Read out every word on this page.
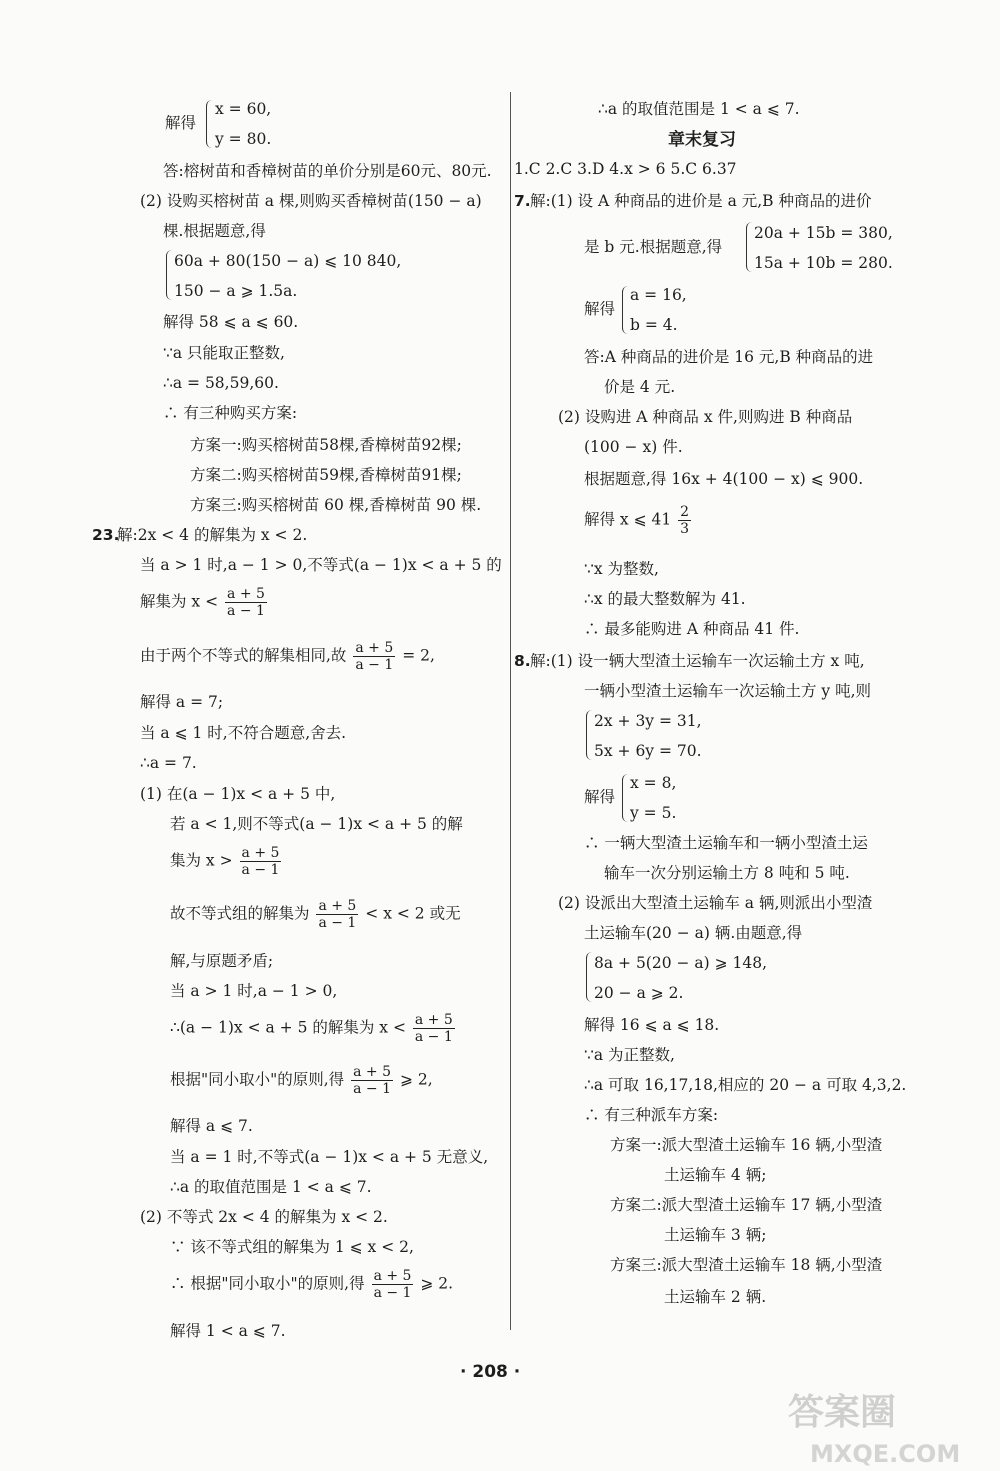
解得
x = 60,
y = 80.
答:榕树苗和香樟树苗的单价分别是60元、80元.
(2) 设购买榕树苗 a 棵,则购买香樟树苗(150 − a)
棵.根据题意,得
60a + 80(150 − a) ⩽ 10 840,
150 − a ⩾ 1.5a.
解得 58 ⩽ a ⩽ 60.
∵a 只能取正整数,
∴a = 58,59,60.
∴ 有三种购买方案:
方案一:购买榕树苗58棵,香樟树苗92棵;
方案二:购买榕树苗59棵,香樟树苗91棵;
方案三:购买榕树苗 60 棵,香樟树苗 90 棵.
23.
解:2x < 4 的解集为 x < 2.
当 a > 1 时,a − 1 > 0,不等式(a − 1)x < a + 5 的
解集为 $x < \frac{a + 5}{a - 1}$
由于两个不等式的解集相同,故 $\frac{a + 5}{a - 1} = 2$,
解得 a = 7;
当 a ⩽ 1 时,不符合题意,舍去.
∴a = 7.
(1) 在(a − 1)x < a + 5 中,
若 a < 1,则不等式(a − 1)x < a + 5 的解
集为 $x > \frac{a + 5}{a - 1}$
故不等式组的解集为 $\frac{a + 5}{a - 1} < x < 2$ 或无
解,与原题矛盾;
当 a > 1 时,a − 1 > 0,
∴(a − 1)x < a + 5 的解集为 $x < \frac{a + 5}{a - 1}$
根据"同小取小"的原则,得 $\frac{a + 5}{a - 1}$ ⩾ 2,
解得 a ⩽ 7.
当 a = 1 时,不等式(a − 1)x < a + 5 无意义,
∴a 的取值范围是 1 < a ⩽ 7.
(2) 不等式 2x < 4 的解集为 x < 2.
∵ 该不等式组的解集为 1 ⩽ x < 2,
∴ 根据"同小取小"的原则,得 $\frac{a + 5}{a - 1}$ ⩾ 2.
解得 1 < a ⩽ 7.
∴a 的取值范围是 1 < a ⩽ 7.
章末复习
1.C 2.C 3.D 4.x > 6 5.C 6.37
7. 解:(1) 设 A 种商品的进价是 a 元,B 种商品的进价
是 b 元.根据题意,得
20a + 15b = 380,
15a + 10b = 280.
解得
a = 16,
b = 4.
答:A 种商品的进价是 16 元,B 种商品的进
价是 4 元.
(2) 设购进 A 种商品 x 件,则购进 B 种商品
(100 − x) 件.
根据题意,得 16x + 4(100 − x) ⩽ 900.
解得 x ⩽ $41 \frac{2}{3}$
∵x 为整数,
∴x 的最大整数解为 41.
∴ 最多能购进 A 种商品 41 件.
8. 解:(1) 设一辆大型渣土运输车一次运输土方 x 吨,
一辆小型渣土运输车一次运输土方 y 吨,则
2x + 3y = 31,
5x + 6y = 70.
解得
x = 8,
y = 5.
∴ 一辆大型渣土运输车和一辆小型渣土运
输车一次分别运输土方 8 吨和 5 吨.
(2) 设派出大型渣土运输车 a 辆,则派出小型渣
土运输车(20 − a) 辆.由题意,得
8a + 5(20 − a) ⩾ 148,
20 − a ⩾ 2.
解得 16 ⩽ a ⩽ 18.
∵a 为正整数,
∴a 可取 16,17,18,相应的 20 − a 可取 4,3,2.
∴ 有三种派车方案:
方案一:派大型渣土运输车 16 辆,小型渣
土运输车 4 辆;
方案二:派大型渣土运输车 17 辆,小型渣
土运输车 3 辆;
方案三:派大型渣土运输车 18 辆,小型渣
土运输车 2 辆.
· 208 ·
答案圈
MXQE.COM
